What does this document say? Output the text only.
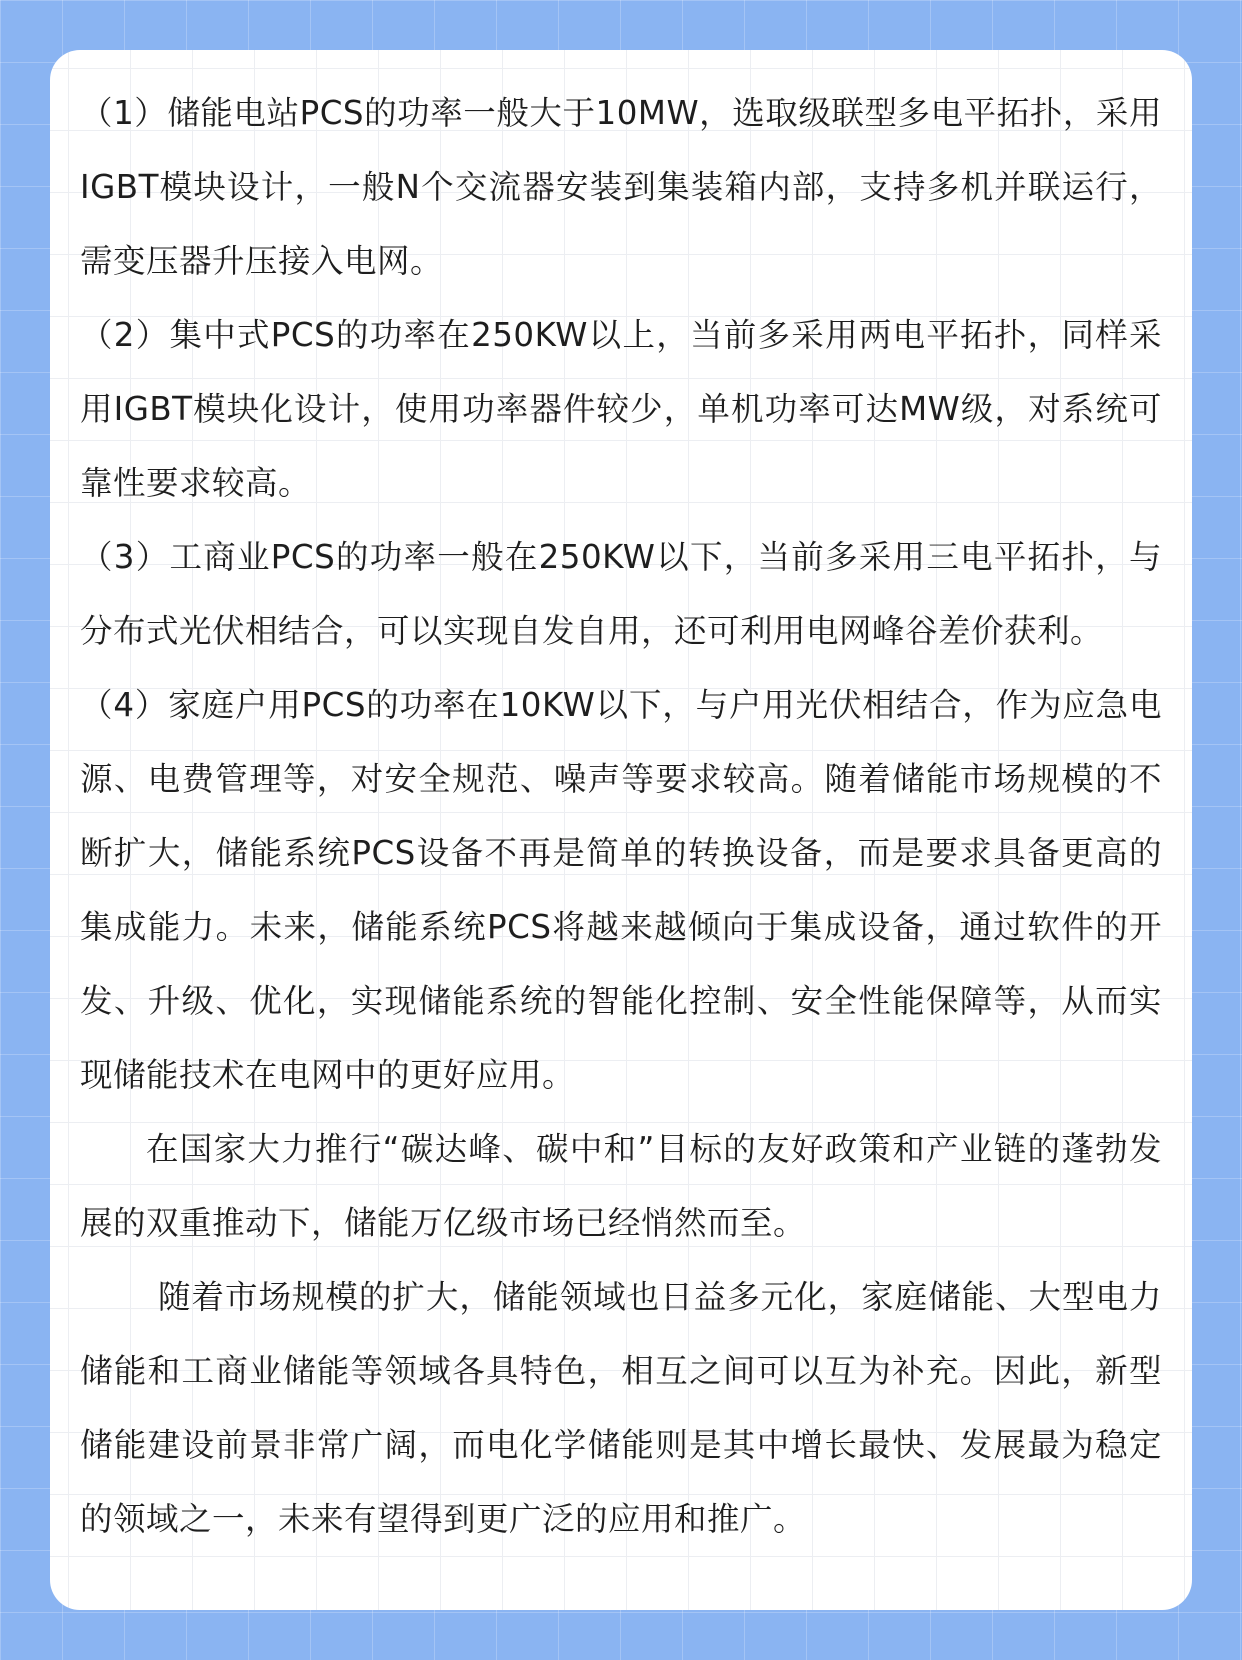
（1）储能电站PCS的功率一般大于10MW，选取级联型多电平拓扑，采用IGBT模块设计，一般N个交流器安装到集装箱内部，支持多机并联运行，需变压器升压接入电网。

（2）集中式PCS的功率在250KW以上，当前多采用两电平拓扑，同样采用IGBT模块化设计，使用功率器件较少，单机功率可达MW级，对系统可靠性要求较高。

（3）工商业PCS的功率一般在250KW以下，当前多采用三电平拓扑，与分布式光伏相结合，可以实现自发自用，还可利用电网峰谷差价获利。

（4）家庭户用PCS的功率在10KW以下，与户用光伏相结合，作为应急电源、电费管理等，对安全规范、噪声等要求较高。随着储能市场规模的不断扩大，储能系统PCS设备不再是简单的转换设备，而是要求具备更高的集成能力。未来，储能系统PCS将越来越倾向于集成设备，通过软件的开发、升级、优化，实现储能系统的智能化控制、安全性能保障等，从而实现储能技术在电网中的更好应用。

在国家大力推行“碳达峰、碳中和”目标的友好政策和产业链的蓬勃发展的双重推动下，储能万亿级市场已经悄然而至。

随着市场规模的扩大，储能领域也日益多元化，家庭储能、大型电力储能和工商业储能等领域各具特色，相互之间可以互为补充。因此，新型储能建设前景非常广阔，而电化学储能则是其中增长最快、发展最为稳定的领域之一，未来有望得到更广泛的应用和推广。
